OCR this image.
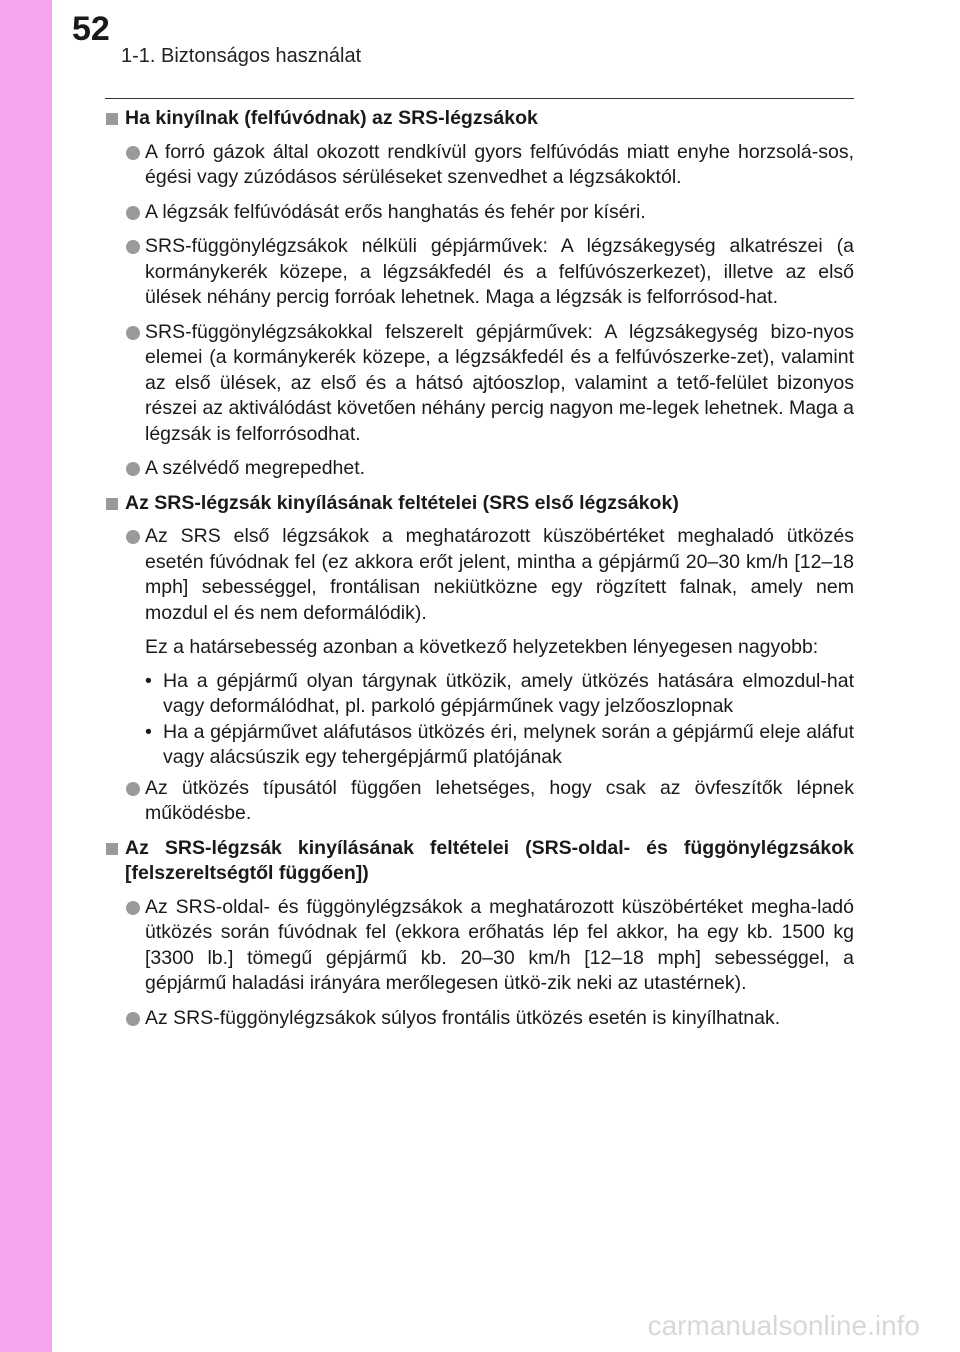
52
1-1. Biztonságos használat
Ha kinyílnak (felfúvódnak) az SRS-légzsákok
A forró gázok által okozott rendkívül gyors felfúvódás miatt enyhe horzsolá-sos, égési vagy zúzódásos sérüléseket szenvedhet a légzsákoktól.
A légzsák felfúvódását erős hanghatás és fehér por kíséri.
SRS-függönylégzsákok nélküli gépjárművek: A légzsákegység alkatrészei (a kormánykerék közepe, a légzsákfedél és a felfúvószerkezet), illetve az első ülések néhány percig forróak lehetnek. Maga a légzsák is felforrósod-hat.
SRS-függönylégzsákokkal felszerelt gépjárművek: A légzsákegység bizo-nyos elemei (a kormánykerék közepe, a légzsákfedél és a felfúvószerke-zet), valamint az első ülések, az első és a hátsó ajtóoszlop, valamint a tető-felület bizonyos részei az aktiválódást követően néhány percig nagyon me-legek lehetnek. Maga a légzsák is felforrósodhat.
A szélvédő megrepedhet.
Az SRS-légzsák kinyílásának feltételei (SRS első légzsákok)
Az SRS első légzsákok a meghatározott küszöbértéket meghaladó ütközés esetén fúvódnak fel (ez akkora erőt jelent, mintha a gépjármű 20–30 km/h [12–18 mph] sebességgel, frontálisan nekiütközne egy rögzített falnak, amely nem mozdul el és nem deformálódik).
Ez a határsebesség azonban a következő helyzetekben lényegesen nagyobb:
• Ha a gépjármű olyan tárgynak ütközik, amely ütközés hatására elmozdul-hat vagy deformálódhat, pl. parkoló gépjárműnek vagy jelzőoszlopnak
• Ha a gépjárművet aláfutásos ütközés éri, melynek során a gépjármű eleje aláfut vagy alácsúszik egy tehergépjármű platójának
Az ütközés típusától függően lehetséges, hogy csak az övfeszítők lépnek működésbe.
Az SRS-légzsák kinyílásának feltételei (SRS-oldal- és függönylégzsákok [felszereltségtől függően])
Az SRS-oldal- és függönylégzsákok a meghatározott küszöbértéket megha-ladó ütközés során fúvódnak fel (ekkora erőhatás lép fel akkor, ha egy kb. 1500 kg [3300 lb.] tömegű gépjármű kb. 20–30 km/h [12–18 mph] sebességgel, a gépjármű haladási irányára merőlegesen ütkö-zik neki az utastérnek).
Az SRS-függönylégzsákok súlyos frontális ütközés esetén is kinyílhatnak.
carmanualsonline.info
